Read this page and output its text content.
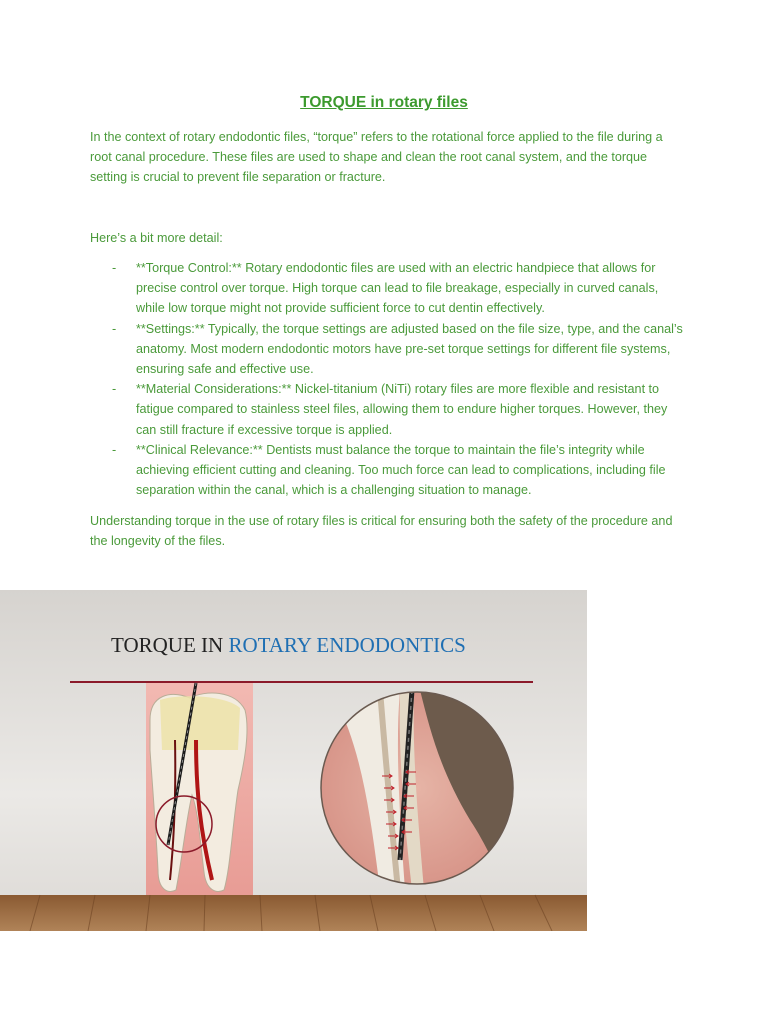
TORQUE in rotary files

In the context of rotary endodontic files, “torque” refers to the rotational force applied to the file during a root canal procedure. These files are used to shape and clean the root canal system, and the torque setting is crucial to prevent file separation or fracture.

Here’s a bit more detail:

- **Torque Control:** Rotary endodontic files are used with an electric handpiece that allows for precise control over torque. High torque can lead to file breakage, especially in curved canals, while low torque might not provide sufficient force to cut dentin effectively.
- **Settings:** Typically, the torque settings are adjusted based on the file size, type, and the canal’s anatomy. Most modern endodontic motors have pre-set torque settings for different file systems, ensuring safe and effective use.
- **Material Considerations:** Nickel-titanium (NiTi) rotary files are more flexible and resistant to fatigue compared to stainless steel files, allowing them to endure higher torques. However, they can still fracture if excessive torque is applied.
- **Clinical Relevance:** Dentists must balance the torque to maintain the file’s integrity while achieving efficient cutting and cleaning. Too much force can lead to complications, including file separation within the canal, which is a challenging situation to manage.

Understanding torque in the use of rotary files is critical for ensuring both the safety of the procedure and the longevity of the files.

TORQUE IN ROTARY ENDODONTICS
